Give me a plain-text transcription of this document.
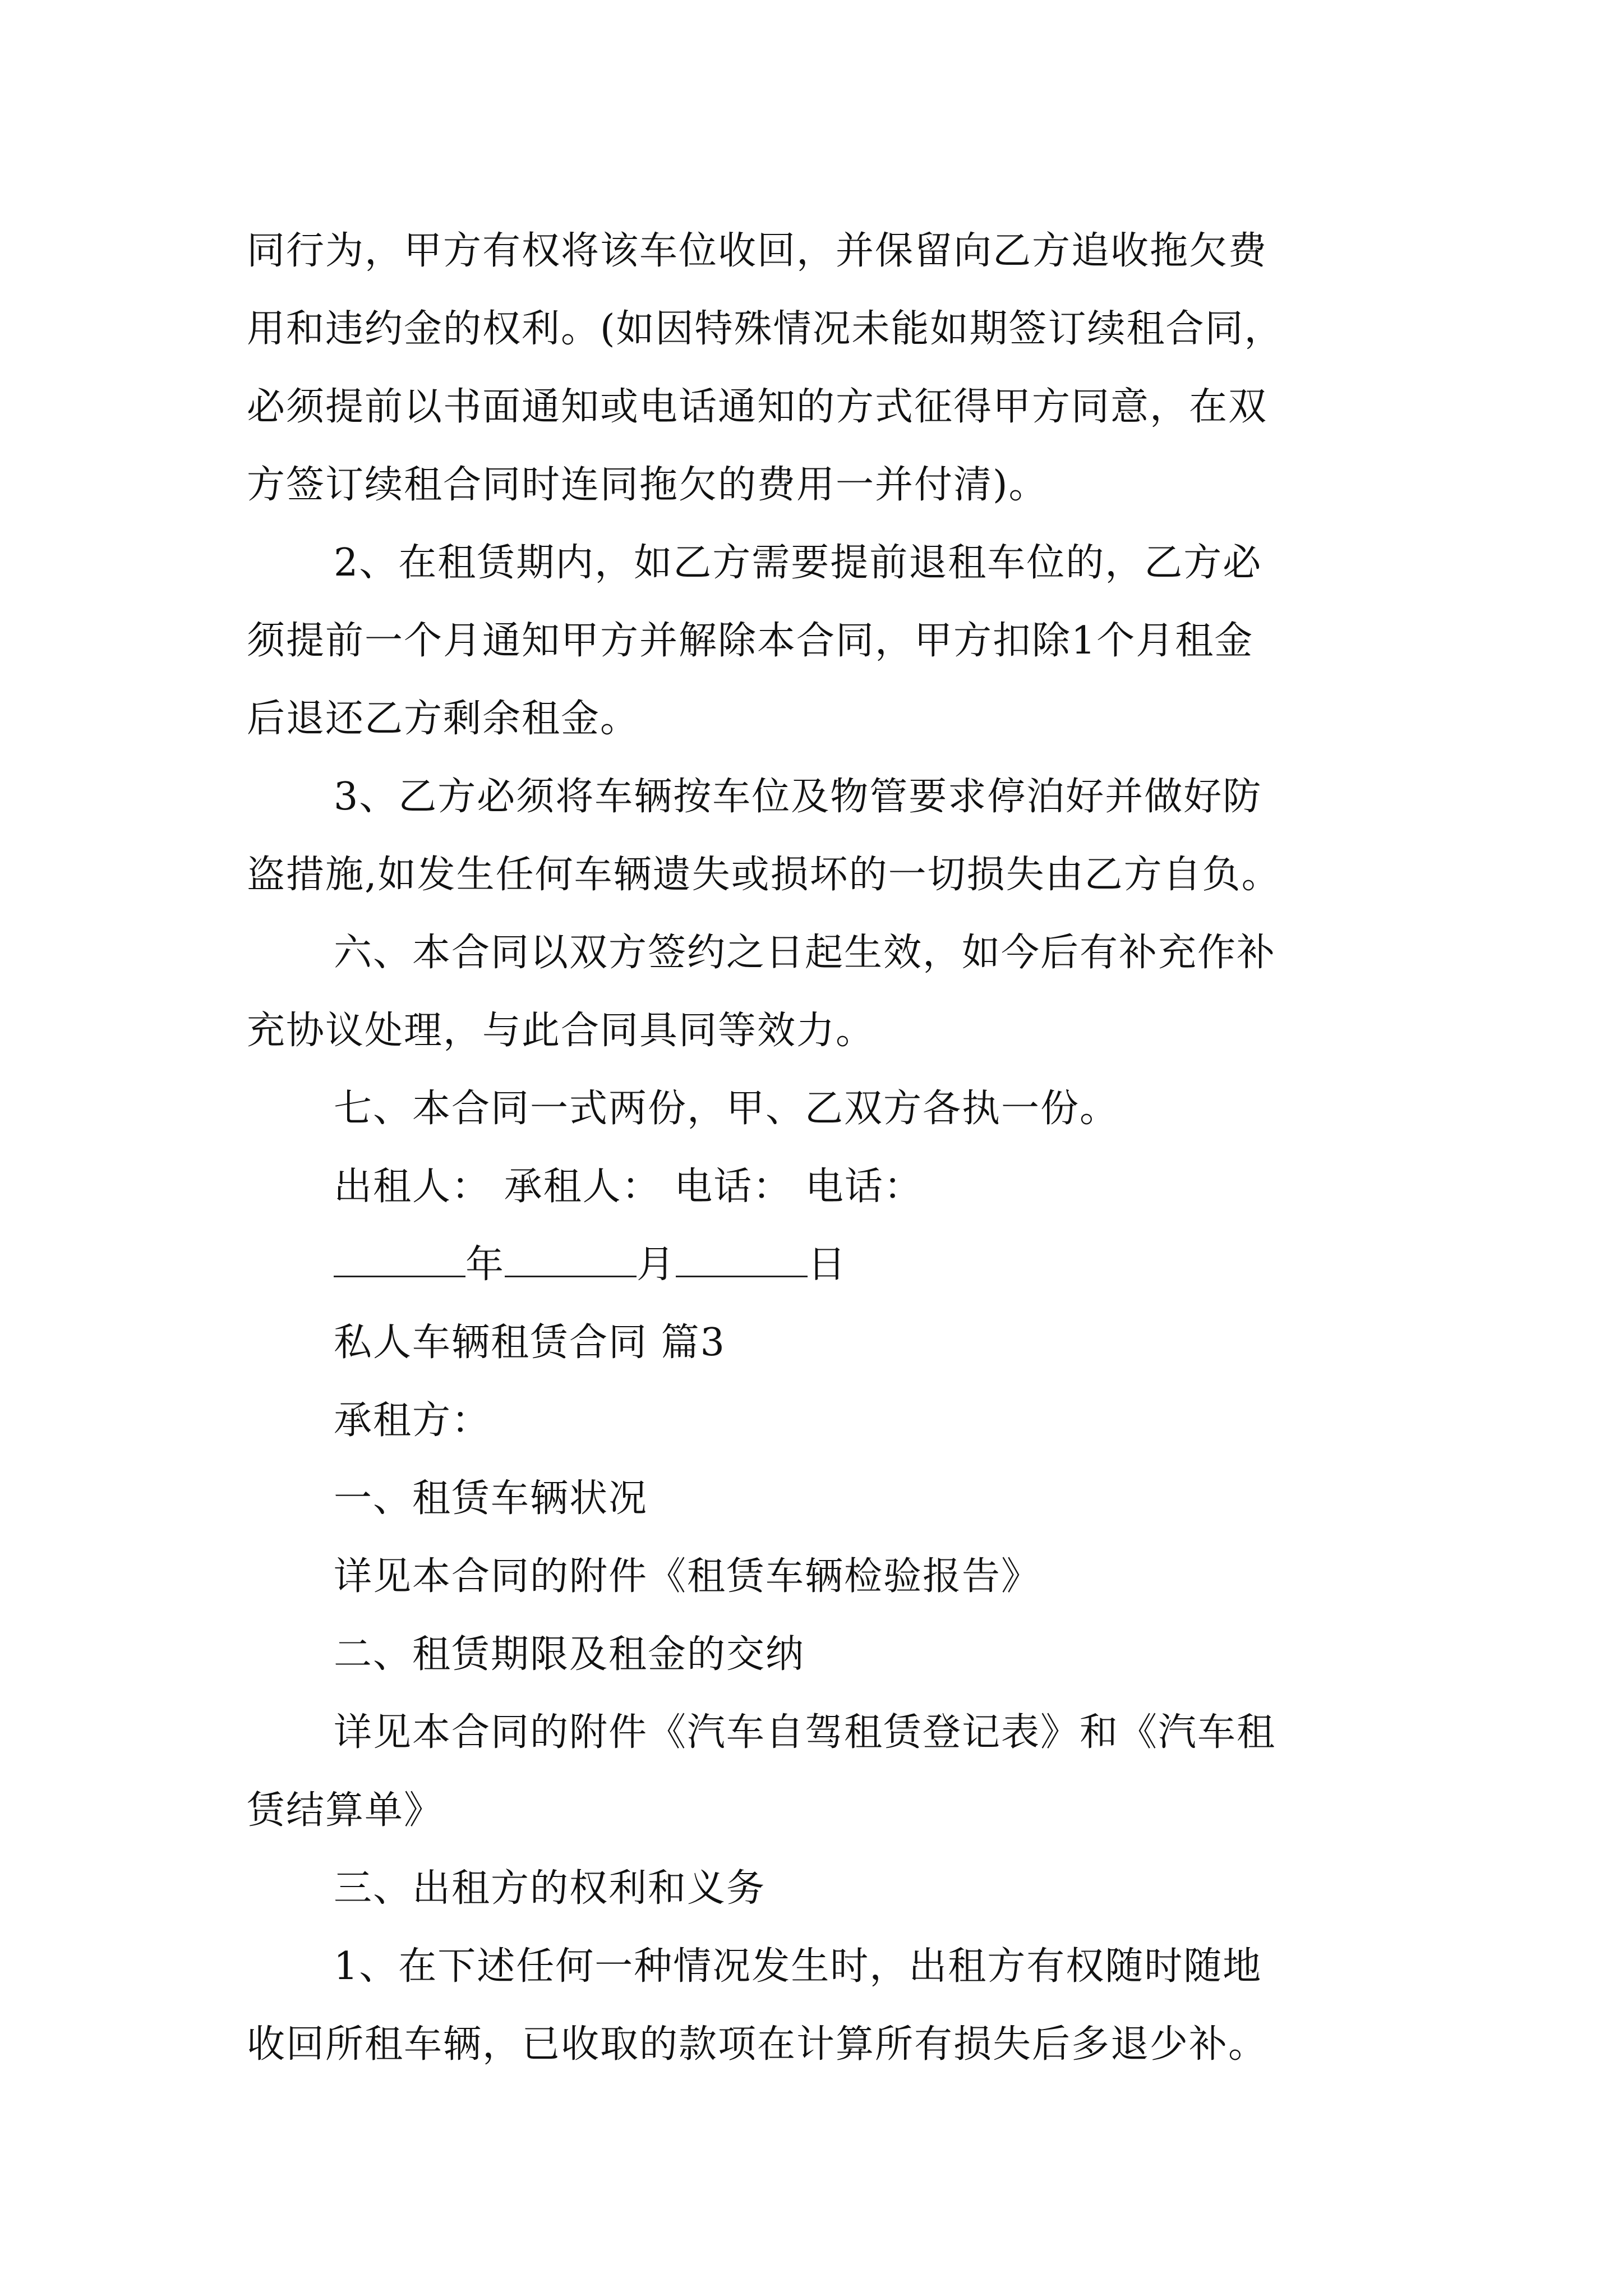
同行为，甲方有权将该车位收回，并保留向乙方追收拖欠费
用和违约金的权利。(如因特殊情况未能如期签订续租合同，
必须提前以书面通知或电话通知的方式征得甲方同意，在双
方签订续租合同时连同拖欠的费用一并付清)。
2、在租赁期内，如乙方需要提前退租车位的，乙方必
须提前一个月通知甲方并解除本合同，甲方扣除1个月租金
后退还乙方剩余租金。
3、乙方必须将车辆按车位及物管要求停泊好并做好防
盗措施,如发生任何车辆遗失或损坏的一切损失由乙方自负。
六、本合同以双方签约之日起生效，如今后有补充作补
充协议处理，与此合同具同等效力。
七、本合同一式两份，甲、乙双方各执一份。
出租人： 承租人： 电话： 电话：
年	月	日
私人车辆租赁合同 篇3
承租方：
一、租赁车辆状况
详见本合同的附件《租赁车辆检验报告》
二、租赁期限及租金的交纳
详见本合同的附件《汽车自驾租赁登记表》和《汽车租
赁结算单》
三、出租方的权利和义务
1、在下述任何一种情况发生时，出租方有权随时随地
收回所租车辆，已收取的款项在计算所有损失后多退少补。
